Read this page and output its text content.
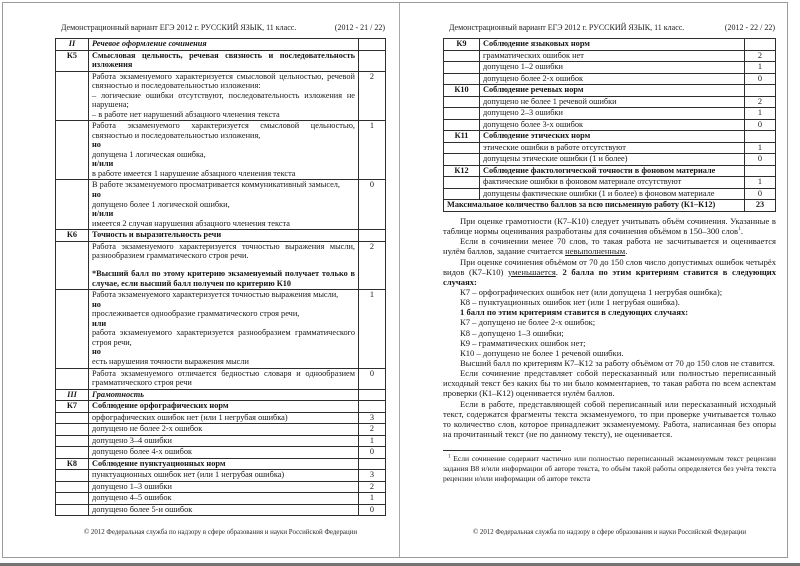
Демонстрационный вариант ЕГЭ 2012 г. РУССКИЙ ЯЗЫК, 11 класс.	(2012 - 21 / 22)
II	Речевое оформление сочинения	
К5	Смысловая цельность, речевая связность и последовательность изложения	

	Работа экзаменуемого характеризуется смысловой цельностью, речевой связностью и последовательностью изложения:
– логические ошибки отсутствуют, последовательность изложения не нарушена;
– в работе нет нарушений абзацного членения текста	2

	Работа экзаменуемого характеризуется смысловой цельностью, связностью и последовательностью изложения,
но
допущена 1 логическая ошибка,
и/или
в работе имеется 1 нарушение абзацного членения текста	1

	В работе экзаменуемого просматривается коммуникативный замысел,
но
допущено более 1 логической ошибки,
и/или
имеется 2 случая нарушения абзацного членения текста	0
К6	Точность и выразительность речи	

	Работа экзаменуемого характеризуется точностью выражения мысли, разнообразием грамматического строя речи.
*Высший балл по этому критерию экзаменуемый получает только в случае, если высший балл получен по критерию К10	2

Работа экзаменуемого характеризуется точностью выражения мысли,
но
прослеживается однообразие грамматического строя речи,
или
работа экзаменуемого характеризуется разнообразием грамматического строя речи,
но
есть нарушения точности выражения мысли
	1

	Работа экзаменуемого отличается бедностью словаря и однообразием грамматического строя речи	0
III	Грамотность	
К7	Соблюдение орфографических норм	
	орфографических ошибок нет (или 1 негрубая ошибка)	3
	допущено не более 2-х ошибок	2
	допущено 3–4 ошибки	1
	допущено более 4-х ошибок	0
К8	Соблюдение пунктуационных норм	
	пунктуационных ошибок нет (или 1 негрубая ошибка)	3
	допущено 1–3 ошибки	2
	допущено 4–5 ошибок	1
	допущено более 5-и ошибок	0
© 2012 Федеральная служба по надзору в сфере образования и науки Российской Федерации
Демонстрационный вариант ЕГЭ 2012 г. РУССКИЙ ЯЗЫК, 11 класс.	(2012 - 22 / 22)
К9	Соблюдение языковых норм	
	грамматических ошибок нет	2
	допущено 1–2 ошибки	1
	допущено более 2-х ошибок	0
К10	Соблюдение речевых норм	
	допущено не более 1 речевой ошибки	2
	допущено 2–3 ошибки	1
	допущено более 3-х ошибок	0
К11	Соблюдение этических норм	
	этические ошибки в работе отсутствуют	1
	допущены этические ошибки (1 и более)	0
К12	Соблюдение фактологической точности в фоновом материале	
	фактические ошибки в фоновом материале отсутствуют	1
	допущены фактические ошибки (1 и более) в фоновом материале	0
Максимальное количество баллов за всю письменную работу (К1–К12)		23
При оценке грамотности (К7–К10) следует учитывать объём сочинения. Указанные в таблице нормы оценивания разработаны для сочинения объёмом в 150–300 слов$^1$.
Если в сочинении менее 70 слов, то такая работа не засчитывается и оценивается нулём баллов, задание считается невыполненным.
При оценке сочинения объёмом от 70 до 150 слов число допустимых ошибок четырёх видов (К7–К10) уменьшается. 2 балла по этим критериям ставится в следующих случаях:
К7 – орфографических ошибок нет (или допущена 1 негрубая ошибка);
К8 – пунктуационных ошибок нет (или 1 негрубая ошибка).
1 балл по этим критериям ставится в следующих случаях:
К7 – допущено не более 2-х ошибок;
К8 – допущено 1–3 ошибки;
К9 – грамматических ошибок нет;
К10 – допущено не более 1 речевой ошибки.
Высший балл по критериям К7–К12 за работу объёмом от 70 до 150 слов не ставится.
Если сочинение представляет собой пересказанный или полностью переписанный исходный текст без каких бы то ни было комментариев, то такая работа по всем аспектам проверки (К1–К12) оценивается нулём баллов.
Если в работе, представляющей собой переписанный или пересказанный исходный текст, содержатся фрагменты текста экзаменуемого, то при проверке учитывается только то количество слов, которое принадлежит экзаменуемому. Работа, написанная без опоры на прочитанный текст (не по данному тексту), не оценивается.
$^1$ Если сочинение содержит частично или полностью переписанный экзаменуемым текст рецензии задания В8 и/или информации об авторе текста, то объём такой работы определяется без учёта текста рецензии и/или информации об авторе текста
© 2012 Федеральная служба по надзору в сфере образования и науки Российской Федерации
